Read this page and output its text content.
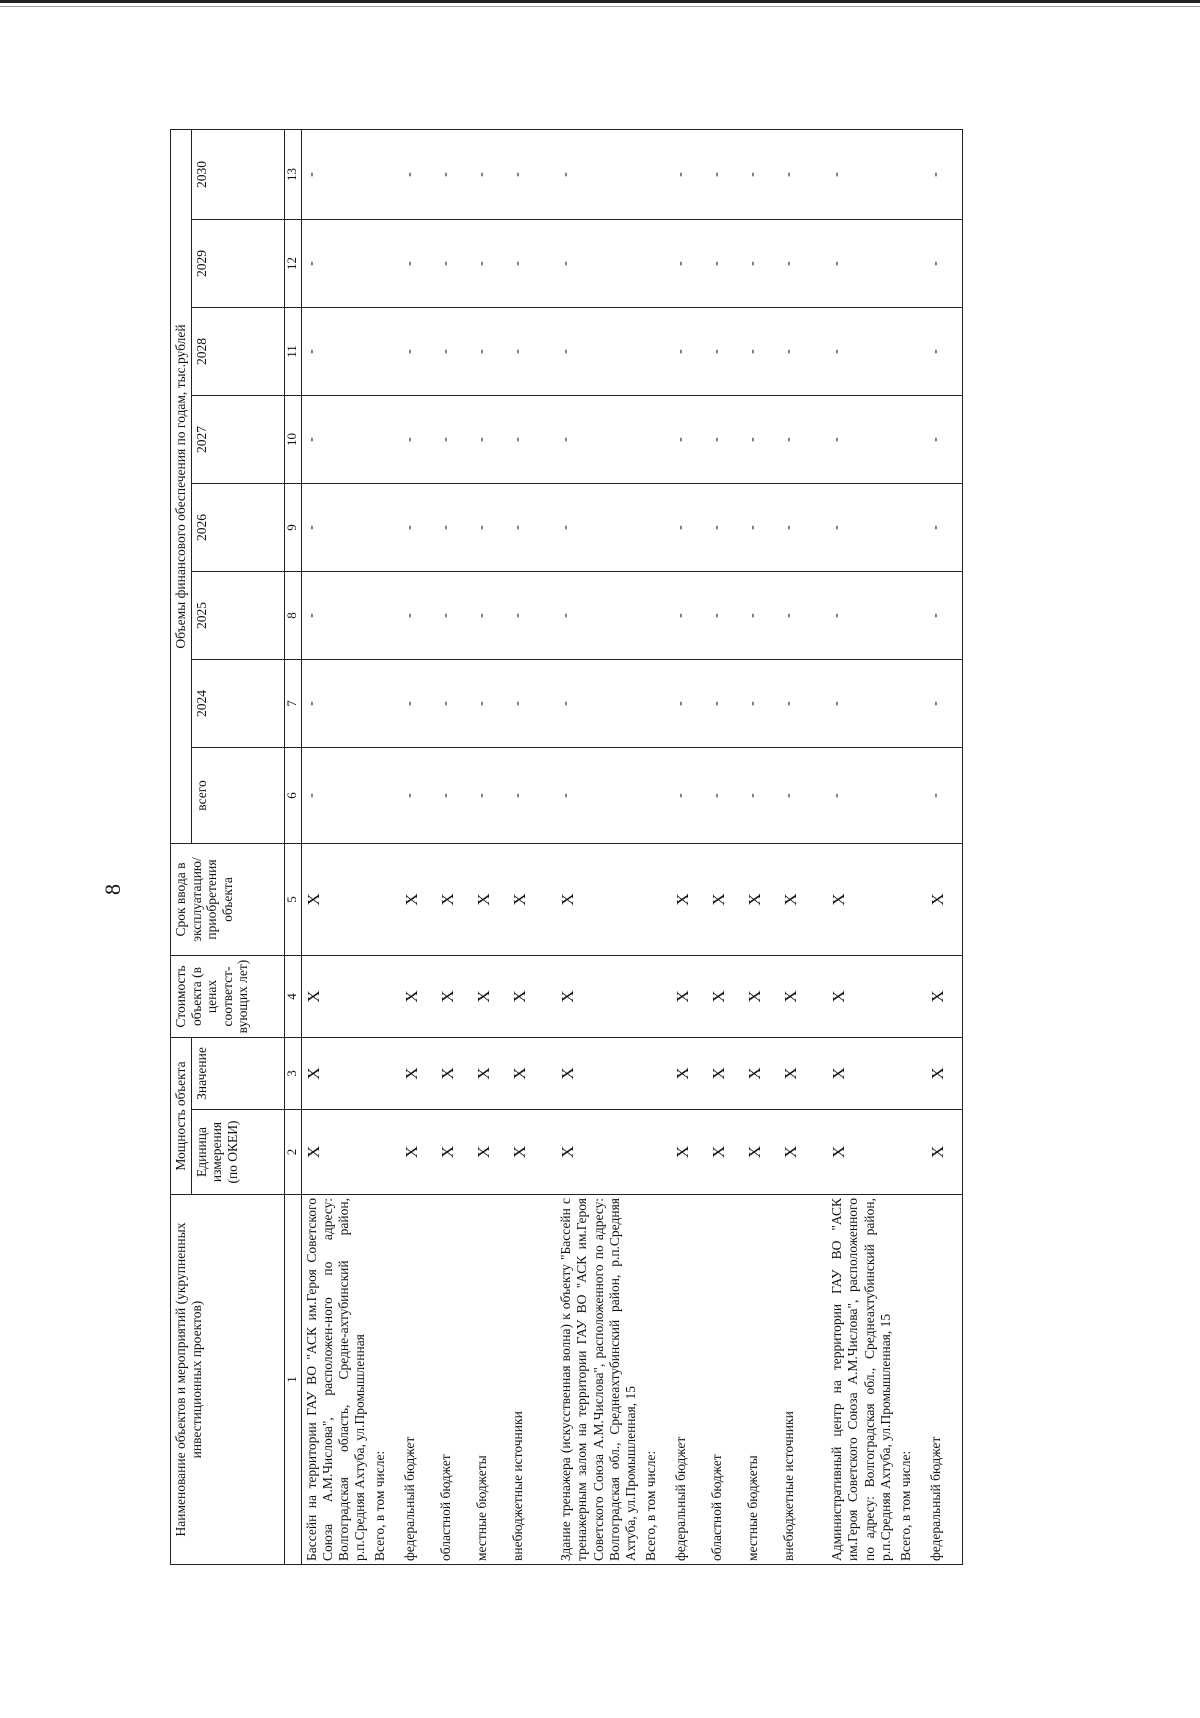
8
Наименование объектов и мероприятий (укрупненных инвестиционных проектов)	Мощность объекта		Стоимость объекта (в ценах соответст-вующих лет)	Срок ввода в эксплуатацию/ приобретения объекта	Объемы финансового обеспечения по годам, тыс.рублей							
	Единица измерения (по ОКЕИ)	Значение			всего	2024	2025	2026	2027	2028	2029	2030
1	2	3	4	5	6	7	8	9	10	11	12	13
Бассейн на территории ГАУ ВО "АСК им.Героя Советского Союза А.М.Числова", расположен-ного по адресу: Волгоградская область, Средне-ахтубинский район, р.п.Средняя Ахтуба, ул.Промышленная	X	X	X	X	-	-	-	-	-	-	-	-
Всего, в том числе:												
федеральный бюджет	X	X	X	X	-	-	-	-	-	-	-	-
областной бюджет	X	X	X	X	-	-	-	-	-	-	-	-
местные бюджеты	X	X	X	X	-	-	-	-	-	-	-	-
внебюджетные источники	X	X	X	X	-	-	-	-	-	-	-	-

Здание тренажера (искусственная волна) к объекту "Бассейн с тренажерным залом на территории ГАУ ВО "АСК им.Героя Советского Союза А.М.Числова", расположенного по адресу: Волгоградская обл., Среднеахтубинский район, р.п.Средняя Ахтуба, ул.Промышленная, 15	X	X	X	X	-	-	-	-	-	-	-	-
Всего, в том числе:												
федеральный бюджет	X	X	X	X	-	-	-	-	-	-	-	-
областной бюджет	X	X	X	X	-	-	-	-	-	-	-	-
местные бюджеты	X	X	X	X	-	-	-	-	-	-	-	-
внебюджетные источники	X	X	X	X	-	-	-	-	-	-	-	-

Административный центр на территории ГАУ ВО "АСК им.Героя Советского Союза А.М.Числова", расположенного по адресу: Волгоградская обл., Среднеахтубинский район, р.п.Средняя Ахтуба, ул.Промышленная, 15	X	X	X	X	-	-	-	-	-	-	-	-
Всего, в том числе:												
федеральный бюджет	X	X	X	X	-	-	-	-	-	-	-	-
